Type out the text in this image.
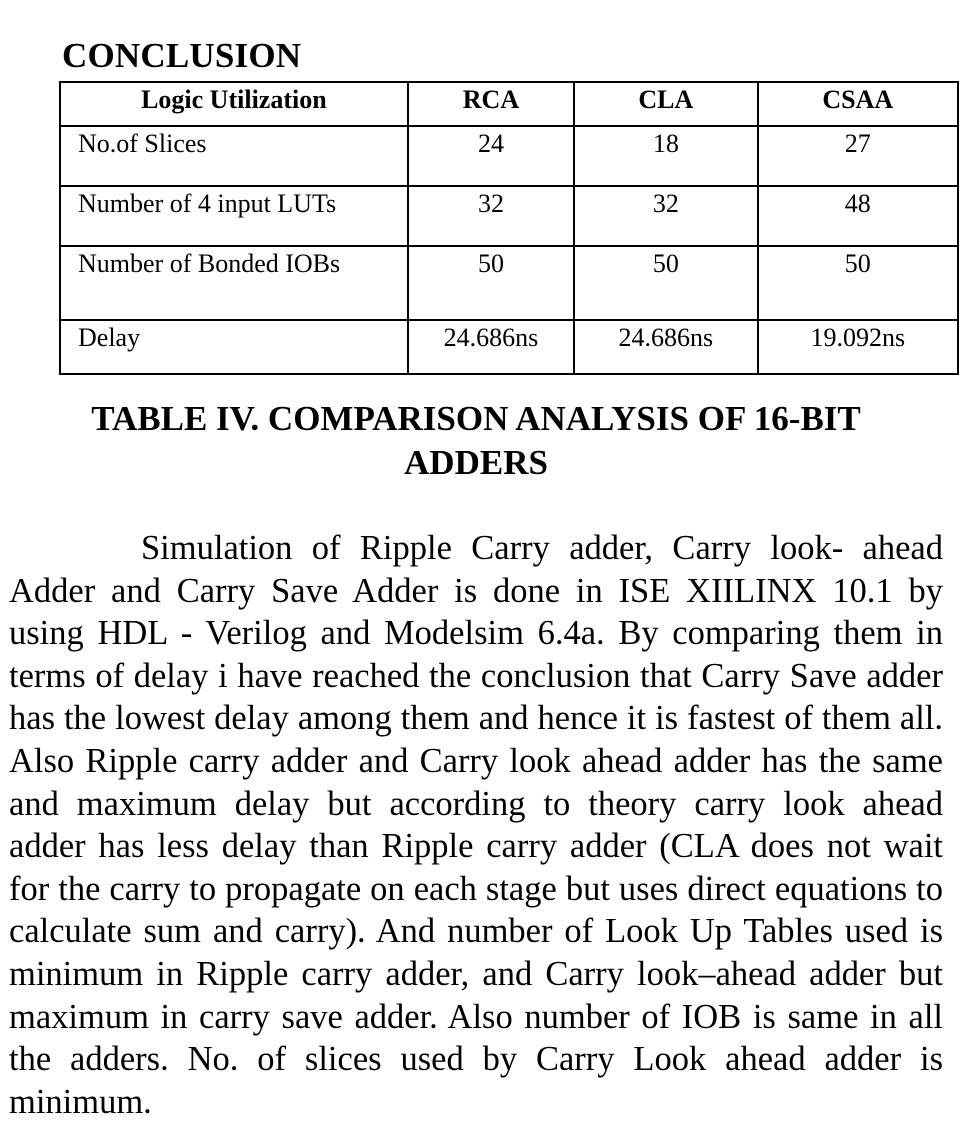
CONCLUSION
Logic Utilization	RCA	CLA	CSAA
No.of Slices	24	18	27
Number of 4 input LUTs	32	32	48
Number of Bonded IOBs	50	50	50
Delay	24.686ns	24.686ns	19.092ns
TABLE IV. COMPARISON ANALYSIS OF 16-BIT
ADDERS

Simulation of Ripple Carry adder, Carry look- ahead Adder and Carry Save Adder is done in ISE XIILINX 10.1 by using HDL - Verilog and Modelsim 6.4a. By comparing them in terms of delay i have reached the conclusion that Carry Save adder has the lowest delay among them and hence it is fastest of them all. Also Ripple carry adder and Carry look ahead adder has the same and maximum delay but according to theory carry look ahead adder has less delay than Ripple carry adder (CLA does not wait for the carry to propagate on each stage but uses direct equations to calculate sum and carry). And number of Look Up Tables used is minimum in Ripple carry adder, and Carry look–ahead adder but maximum in carry save adder. Also number of IOB is same in all the adders. No. of slices used by Carry Look ahead adder is minimum.
